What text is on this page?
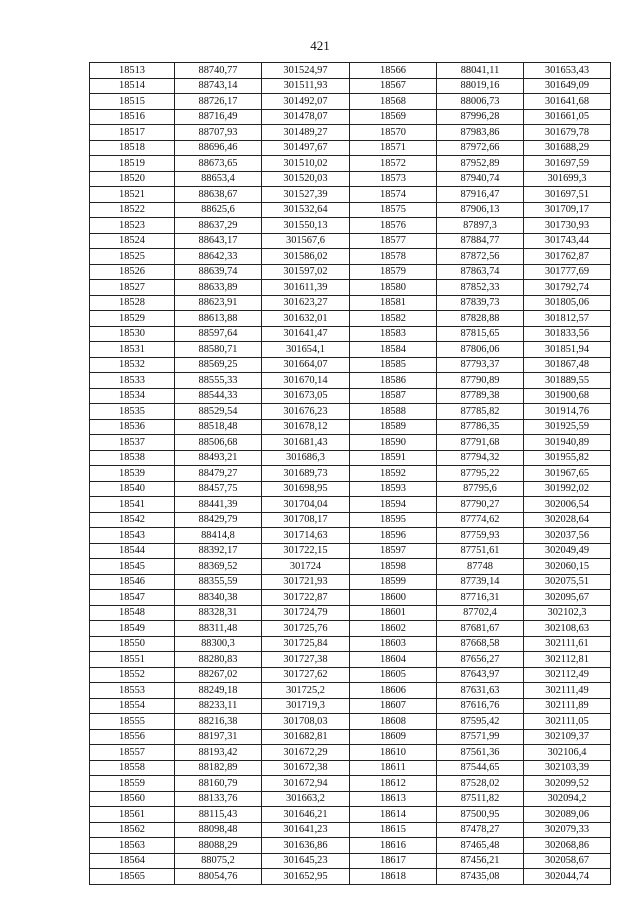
421
18513	88740,77	301524,97	18566	88041,11	301653,43
18514	88743,14	301511,93	18567	88019,16	301649,09
18515	88726,17	301492,07	18568	88006,73	301641,68
18516	88716,49	301478,07	18569	87996,28	301661,05
18517	88707,93	301489,27	18570	87983,86	301679,78
18518	88696,46	301497,67	18571	87972,66	301688,29
18519	88673,65	301510,02	18572	87952,89	301697,59
18520	88653,4	301520,03	18573	87940,74	301699,3
18521	88638,67	301527,39	18574	87916,47	301697,51
18522	88625,6	301532,64	18575	87906,13	301709,17
18523	88637,29	301550,13	18576	87897,3	301730,93
18524	88643,17	301567,6	18577	87884,77	301743,44
18525	88642,33	301586,02	18578	87872,56	301762,87
18526	88639,74	301597,02	18579	87863,74	301777,69
18527	88633,89	301611,39	18580	87852,33	301792,74
18528	88623,91	301623,27	18581	87839,73	301805,06
18529	88613,88	301632,01	18582	87828,88	301812,57
18530	88597,64	301641,47	18583	87815,65	301833,56
18531	88580,71	301654,1	18584	87806,06	301851,94
18532	88569,25	301664,07	18585	87793,37	301867,48
18533	88555,33	301670,14	18586	87790,89	301889,55
18534	88544,33	301673,05	18587	87789,38	301900,68
18535	88529,54	301676,23	18588	87785,82	301914,76
18536	88518,48	301678,12	18589	87786,35	301925,59
18537	88506,68	301681,43	18590	87791,68	301940,89
18538	88493,21	301686,3	18591	87794,32	301955,82
18539	88479,27	301689,73	18592	87795,22	301967,65
18540	88457,75	301698,95	18593	87795,6	301992,02
18541	88441,39	301704,04	18594	87790,27	302006,54
18542	88429,79	301708,17	18595	87774,62	302028,64
18543	88414,8	301714,63	18596	87759,93	302037,56
18544	88392,17	301722,15	18597	87751,61	302049,49
18545	88369,52	301724	18598	87748	302060,15
18546	88355,59	301721,93	18599	87739,14	302075,51
18547	88340,38	301722,87	18600	87716,31	302095,67
18548	88328,31	301724,79	18601	87702,4	302102,3
18549	88311,48	301725,76	18602	87681,67	302108,63
18550	88300,3	301725,84	18603	87668,58	302111,61
18551	88280,83	301727,38	18604	87656,27	302112,81
18552	88267,02	301727,62	18605	87643,97	302112,49
18553	88249,18	301725,2	18606	87631,63	302111,49
18554	88233,11	301719,3	18607	87616,76	302111,89
18555	88216,38	301708,03	18608	87595,42	302111,05
18556	88197,31	301682,81	18609	87571,99	302109,37
18557	88193,42	301672,29	18610	87561,36	302106,4
18558	88182,89	301672,38	18611	87544,65	302103,39
18559	88160,79	301672,94	18612	87528,02	302099,52
18560	88133,76	301663,2	18613	87511,82	302094,2
18561	88115,43	301646,21	18614	87500,95	302089,06
18562	88098,48	301641,23	18615	87478,27	302079,33
18563	88088,29	301636,86	18616	87465,48	302068,86
18564	88075,2	301645,23	18617	87456,21	302058,67
18565	88054,76	301652,95	18618	87435,08	302044,74
